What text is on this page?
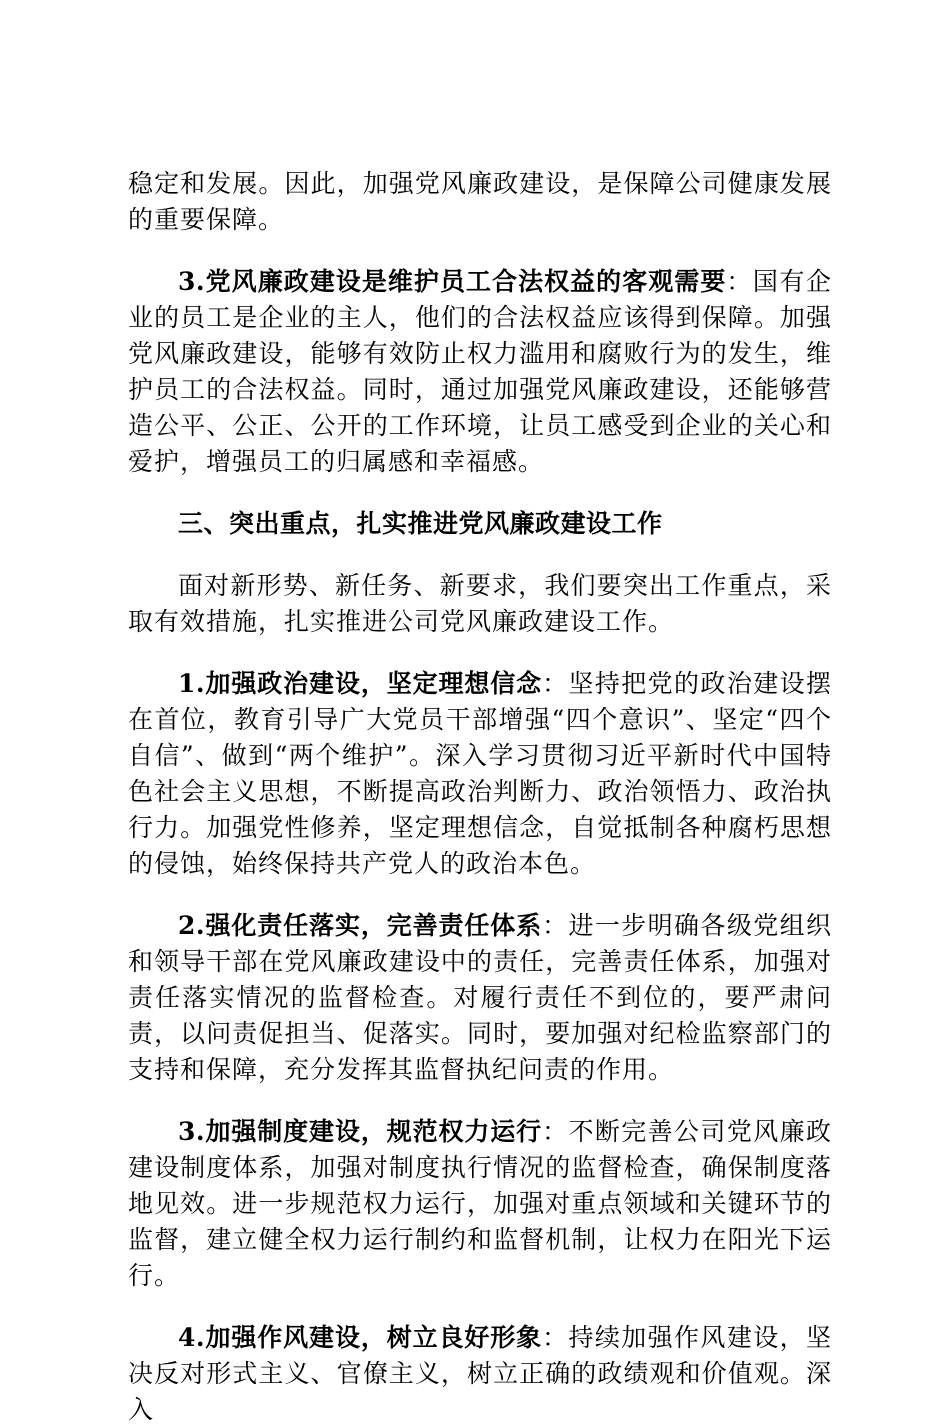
稳定和发展。因此，加强党风廉政建设，是保障公司健康发展的重要保障。

3.党风廉政建设是维护员工合法权益的客观需要：国有企业的员工是企业的主人，他们的合法权益应该得到保障。加强党风廉政建设，能够有效防止权力滥用和腐败行为的发生，维护员工的合法权益。同时，通过加强党风廉政建设，还能够营造公平、公正、公开的工作环境，让员工感受到企业的关心和爱护，增强员工的归属感和幸福感。

三、突出重点，扎实推进党风廉政建设工作

面对新形势、新任务、新要求，我们要突出工作重点，采取有效措施，扎实推进公司党风廉政建设工作。

1.加强政治建设，坚定理想信念：坚持把党的政治建设摆在首位，教育引导广大党员干部增强“四个意识”、坚定“四个自信”、做到“两个维护”。深入学习贯彻习近平新时代中国特色社会主义思想，不断提高政治判断力、政治领悟力、政治执行力。加强党性修养，坚定理想信念，自觉抵制各种腐朽思想的侵蚀，始终保持共产党人的政治本色。

2.强化责任落实，完善责任体系：进一步明确各级党组织和领导干部在党风廉政建设中的责任，完善责任体系，加强对责任落实情况的监督检查。对履行责任不到位的，要严肃问责，以问责促担当、促落实。同时，要加强对纪检监察部门的支持和保障，充分发挥其监督执纪问责的作用。

3.加强制度建设，规范权力运行：不断完善公司党风廉政建设制度体系，加强对制度执行情况的监督检查，确保制度落地见效。进一步规范权力运行，加强对重点领域和关键环节的监督，建立健全权力运行制约和监督机制，让权力在阳光下运行。

4.加强作风建设，树立良好形象：持续加强作风建设，坚决反对形式主义、官僚主义，树立正确的政绩观和价值观。深入
